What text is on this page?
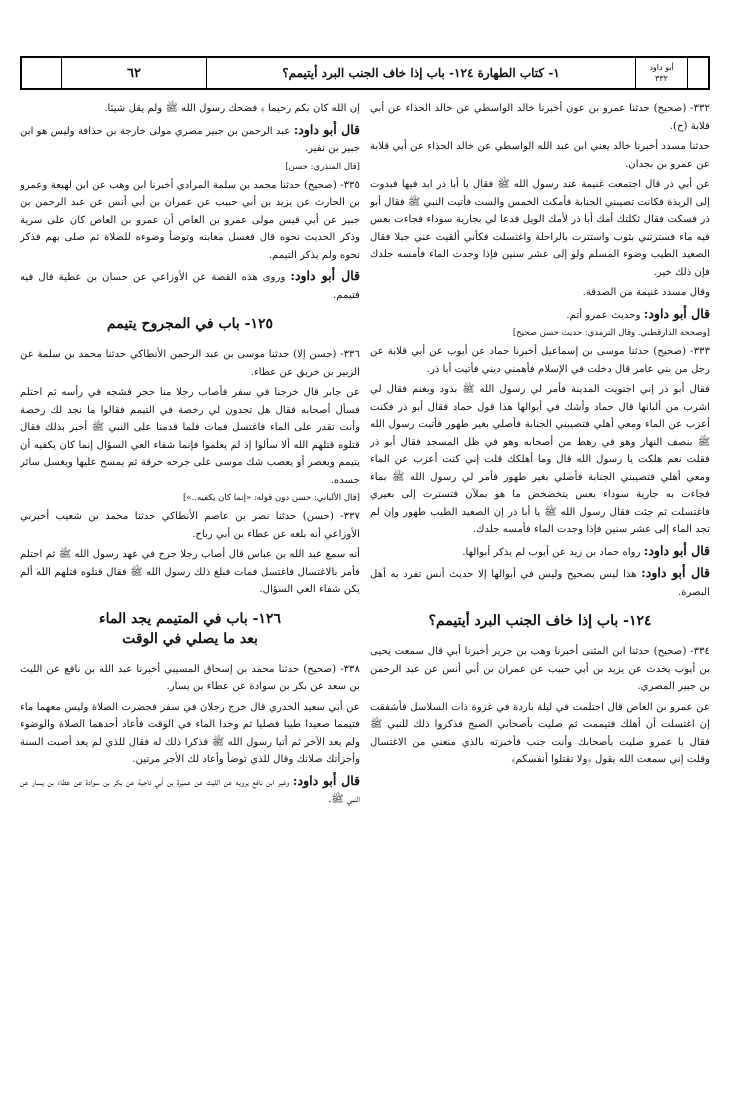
٦٢	١- كتاب الطهارة ١٢٤- باب إذا خاف الجنب البرد أيتيمم؟	أبو داود
٣٣٢

٣٣٢- (صحيح) حدثنا عمرو بن عون أخبرنا خالد الواسطي عن خالد الحذاء عن أبي قلابة (ح).

حدثنا مسدد أخبرنا خالد يعني ابن عبد الله الواسطي عن خالد الحذاء عن أبي قلابة عن عمرو بن بجدان.

عن أبي ذر قال اجتمعت غنيمة عند رسول الله ﷺ فقال يا أبا ذر ابد فيها فبدوت إلى الربذة فكانت تصيبني الجنابة فأمكث الخمس والست فأتيت النبي ﷺ فقال أبو ذر فسكت فقال ثكلتك أمك أبا ذر لأمك الويل فدعا لي بجارية سوداء فجاءت بعس فيه ماء فسترتني بثوب واستترت بالراحلة واغتسلت فكأني ألقيت عني جبلا فقال الصعيد الطيب وضوء المسلم ولو إلى عشر سنين فإذا وجدت الماء فأمسه جلدك فإن ذلك خير.

وقال مسدد غنيمة من الصدقة.

قال أبو داود: وحديث عمرو أتم.

[وصححه الدارقطني. وقال الترمذي: حديث حسن صحيح]

٣٣٣- (صحيح) حدثنا موسى بن إسماعيل أخبرنا حماد عن أيوب عن أبي قلابة عن رجل من بني عامر قال دخلت في الإسلام فأهمني ديني فأتيت أبا ذر.

فقال أبو ذر إني اجتويت المدينة فأمر لي رسول الله ﷺ بذود وبغنم فقال لي اشرب من ألبانها قال حماد وأشك في أبوالها هذا قول حماد فقال أبو ذر فكنت أعزب عن الماء ومعي أهلي فتصيبني الجنابة فأصلي بغير طهور فأتيت رسول الله ﷺ بنصف النهار وهو في رهط من أصحابه وهو في ظل المسجد فقال أبو ذر فقلت نعم هلكت يا رسول الله قال وما أهلكك قلت إني كنت أعزب عن الماء ومعي أهلي فتصيبني الجنابة فأصلي بغير طهور فأمر لي رسول الله ﷺ بماء فجاءت به جارية سوداء بعس يتخضخض ما هو بملآن فتسترت إلى بعيري فاغتسلت ثم جئت فقال رسول الله ﷺ يا أبا ذر إن الصعيد الطيب طهور وإن لم تجد الماء إلى عشر سنين فإذا وجدت الماء فأمسه جلدك.

قال أبو داود: رواه حماد بن زيد عن أيوب لم يذكر أبوالها.

قال أبو داود: هذا ليس بصحيح وليس في أبوالها إلا حديث أنس تفرد به أهل البصرة.

١٢٤- باب إذا خاف الجنب البرد أيتيمم؟

٣٣٤- (صحيح) حدثنا ابن المثنى أخبرنا وهب بن جرير أخبرنا أبي قال سمعت يحيى بن أيوب يحدث عن يزيد بن أبي حبيب عن عمران بن أبي أنس عن عبد الرحمن بن جبير المصري.

عن عمرو بن العاص قال احتلمت في ليلة باردة في غزوة ذات السلاسل فأشفقت إن اغتسلت أن أهلك فتيممت ثم صليت بأصحابي الصبح فذكروا ذلك للنبي ﷺ فقال يا عمرو صليت بأصحابك وأنت جنب فأخبرته بالذي منعني من الاغتسال وقلت إني سمعت الله يقول ﴿ولا تقتلوا أنفسكم﴾

إن الله كان بكم رحيما ﴾ فضحك رسول الله ﷺ ولم يقل شيئا.

قال أبو داود: عبد الرحمن بن جبير مصري مولى خارجة بن حذافة وليس هو ابن جبير بن نفير.

[قال المنذري: حسن]

٣٣٥- (صحيح) حدثنا محمد بن سلمة المرادي أخبرنا ابن وهب عن ابن لهيعة وعمرو بن الحارث عن يزيد بن أبي حبيب عن عمران بن أبي أنس عن عبد الرحمن بن جبير عن أبي قيس مولى عمرو بن العاص أن عمرو بن العاص كان على سرية وذكر الحديث نحوه قال فغسل مغابنه وتوضأ وضوءه للصلاة ثم صلى بهم فذكر نحوه ولم يذكر التيمم.

قال أبو داود: وروى هذه القصة عن الأوزاعي عن حسان بن عطية قال فيه فتيمم.

١٢٥- باب في المجروح يتيمم

٣٣٦- (حسن إلا) حدثنا موسى بن عبد الرحمن الأنطاكي حدثنا محمد بن سلمة عن الزبير بن خريق عن عطاء.

عن جابر قال خرجنا في سفر فأصاب رجلا منا حجر فشجه في رأسه ثم احتلم فسأل أصحابه فقال هل تجدون لي رخصة في التيمم فقالوا ما نجد لك رخصة وأنت تقدر على الماء فاغتسل فمات فلما قدمنا على النبي ﷺ أخبر بذلك فقال قتلوه قتلهم الله ألا سألوا إذ لم يعلموا فإنما شفاء العي السؤال إنما كان يكفيه أن يتيمم ويعصر أو يعصب شك موسى على جرحه خرقة ثم يمسح عليها ويغسل سائر جسده.

[قال الألباني: حسن دون قوله: «إنما كان يكفيه..»]

٣٣٧- (حسن) حدثنا نصر بن عاصم الأنطاكي حدثنا محمد بن شعيب أخبرني الأوزاعي أنه بلغه عن عطاء بن أبي رباح.

أنه سمع عبد الله بن عباس قال أصاب رجلا جرح في عهد رسول الله ﷺ ثم احتلم فأمر بالاغتسال فاغتسل فمات فبلغ ذلك رسول الله ﷺ فقال قتلوه قتلهم الله ألم يكن شفاء العي السؤال.

١٢٦- باب في المتيمم يجد الماء
بعد ما يصلي في الوقت

٣٣٨- (صحيح) حدثنا محمد بن إسحاق المسيبي أخبرنا عبد الله بن نافع عن الليث بن سعد عن بكر بن سوادة عن عطاء بن يسار.

عن أبي سعيد الخدري قال خرج رجلان في سفر فحضرت الصلاة وليس معهما ماء فتيمما صعيدا طيبا فصليا ثم وجدا الماء في الوقت فأعاد أحدهما الصلاة والوضوء ولم يعد الآخر ثم أتيا رسول الله ﷺ فذكرا ذلك له فقال للذي لم يعد أصبت السنة وأجزأتك صلاتك وقال للذي توضأ وأعاد لك الأجر مرتين.

قال أبو داود: وغير ابن نافع يرويه عن الليث عن عميرة بن أبي ناجية عن بكر بن سوادة عن عطاء بن يسار عن النبي ﷺ.
